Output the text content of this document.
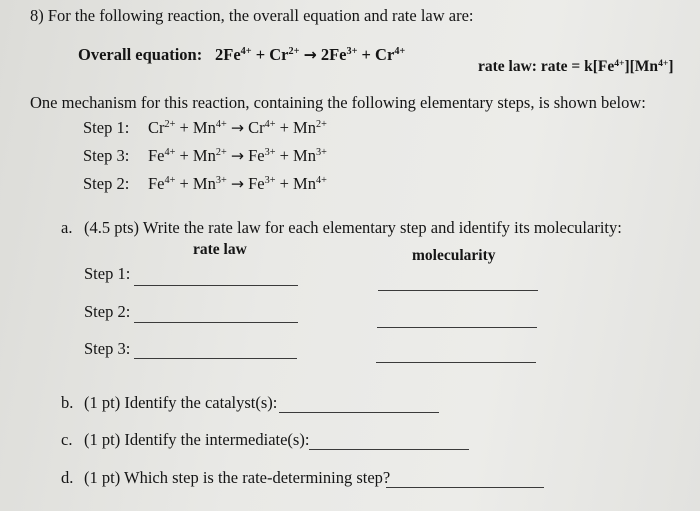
8) For the following reaction, the overall equation and rate law are:
Overall equation: $2Fe^{4+} + Cr^{2+} \to 2Fe^{3+} + Cr^{4+}$
rate law: rate = $k[Fe^{4+}][Mn^{4+}]$
One mechanism for this reaction, containing the following elementary steps, is shown below:
Step 1: $Cr^{2+} + Mn^{4+} \to Cr^{4+} + Mn^{2+}$
Step 3: $Fe^{4+} + Mn^{2+} \to Fe^{3+} + Mn^{3+}$
Step 2: $Fe^{4+} + Mn^{3+} \to Fe^{3+} + Mn^{4+}$
a. (4.5 pts) Write the rate law for each elementary step and identify its molecularity:
rate law	molecularity
Step 1:
Step 2:
Step 3:
b. (1 pt) Identify the catalyst(s):
c. (1 pt) Identify the intermediate(s):
d. (1 pt) Which step is the rate-determining step?
